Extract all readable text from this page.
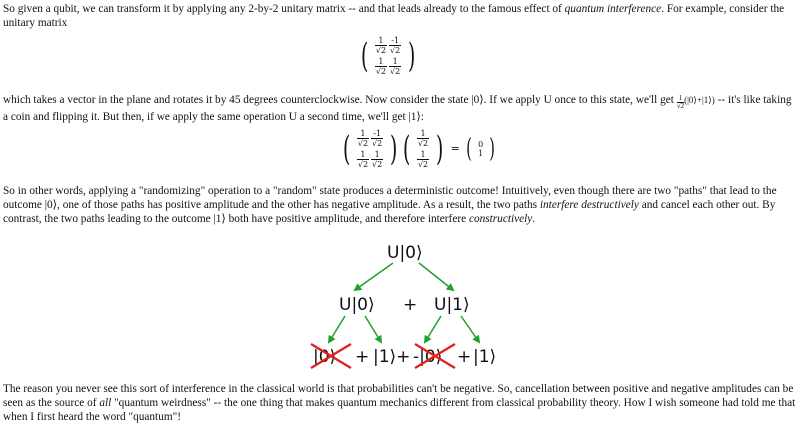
So given a qubit, we can transform it by applying any 2-by-2 unitary matrix -- and that leads already to the famous effect of quantum interference. For example, consider the unitary matrix

( $\frac{1}{√2} \frac{-1}{√2}$
$\frac{1}{√2} \frac{1}{√2}$ )

which takes a vector in the plane and rotates it by 45 degrees counterclockwise. Now consider the state |0⟩. If we apply U once to this state, we'll get $\frac{1}{√2}(|0⟩+|1⟩) -- it's$ like taking a coin and flipping it. But then, if we apply the same operation U a second time, we'll get |1⟩:

( $\frac{1}{√2} \frac{-1}{√2}$
$\frac{1}{√2} \frac{1}{√2}$ ) ( $\frac{1}{√2}$
$\frac{1}{√2}$ ) = ( 0
1 )

So in other words, applying a "randomizing" operation to a "random" state produces a deterministic outcome! Intuitively, even though there are two "paths" that lead to the outcome |0⟩, one of those paths has positive amplitude and the other has negative amplitude. As a result, the two paths interfere destructively and cancel each other out. By contrast, the two paths leading to the outcome |1⟩ both have positive amplitude, and therefore interfere constructively.

U|0⟩
U|0⟩ + U|1⟩
|0⟩ + |1⟩+ -|0⟩ + |1⟩

The reason you never see this sort of interference in the classical world is that probabilities can't be negative. So, cancellation between positive and negative amplitudes can be seen as the source of all "quantum weirdness" -- the one thing that makes quantum mechanics different from classical probability theory. How I wish someone had told me that when I first heard the word "quantum"!
